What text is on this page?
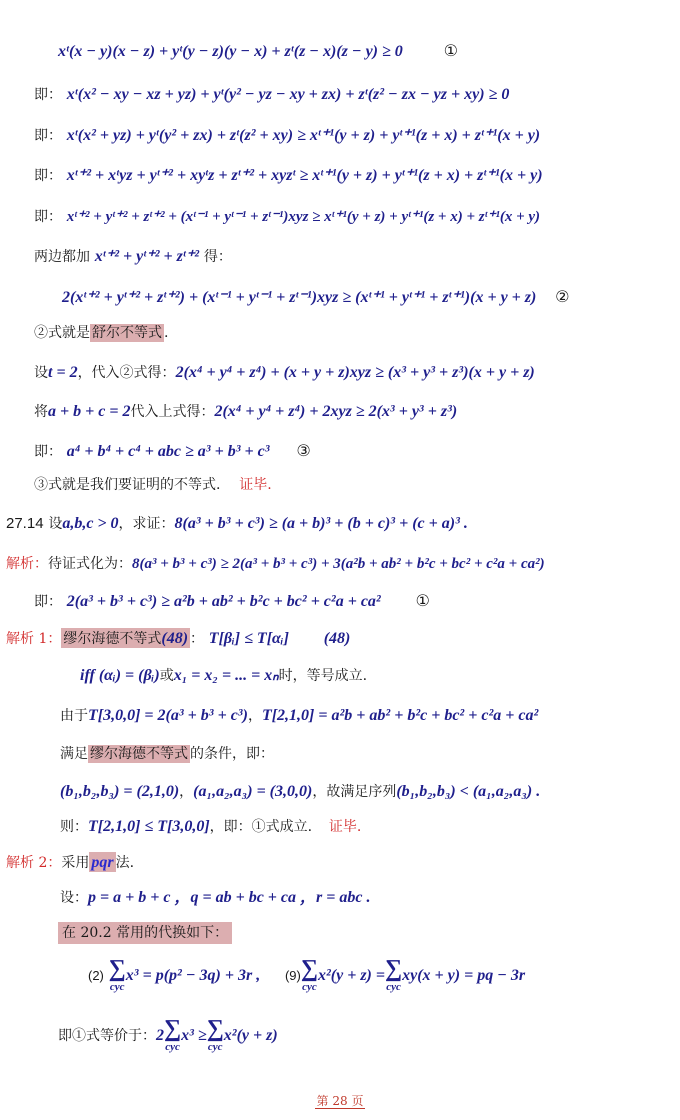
xᵗ(x − y)(x − z) + yᵗ(y − z)(y − x) + zᵗ(z − x)(z − y) ≥ 0	①
即： xᵗ(x² − xy − xz + yz) + yᵗ(y² − yz − xy + zx) + zᵗ(z² − zx − yz + xy) ≥ 0
即： xᵗ(x² + yz) + yᵗ(y² + zx) + zᵗ(z² + xy) ≥ xᵗ⁺¹(y + z) + yᵗ⁺¹(z + x) + zᵗ⁺¹(x + y)
即： xᵗ⁺² + xᵗyz + yᵗ⁺² + xyᵗz + zᵗ⁺² + xyzᵗ ≥ xᵗ⁺¹(y + z) + yᵗ⁺¹(z + x) + zᵗ⁺¹(x + y)
即： xᵗ⁺² + yᵗ⁺² + zᵗ⁺² + (xᵗ⁻¹ + yᵗ⁻¹ + zᵗ⁻¹)xyz ≥ xᵗ⁺¹(y + z) + yᵗ⁺¹(z + x) + zᵗ⁺¹(x + y)
两边都加 xᵗ⁺² + yᵗ⁺² + zᵗ⁺² 得：
2(xᵗ⁺² + yᵗ⁺² + zᵗ⁺²) + (xᵗ⁻¹ + yᵗ⁻¹ + zᵗ⁻¹)xyz ≥ (xᵗ⁺¹ + yᵗ⁺¹ + zᵗ⁺¹)(x + y + z) ②
②式就是 舒尔不等式 .
设t = 2，代入②式得：2(x⁴ + y⁴ + z⁴) + (x + y + z)xyz ≥ (x³ + y³ + z³)(x + y + z)
将a + b + c = 2代入上式得：2(x⁴ + y⁴ + z⁴) + 2xyz ≥ 2(x³ + y³ + z³)
即： a⁴ + b⁴ + c⁴ + abc ≥ a³ + b³ + c³ ③
③式就是我们要证明的不等式. 证毕.
27.14 设a,b,c > 0，求证：8(a³ + b³ + c³) ≥ (a + b)³ + (b + c)³ + (c + a)³ .
解析：待证式化为：8(a³ + b³ + c³) ≥ 2(a³ + b³ + c³) + 3(a²b + ab² + b²c + bc² + c²a + ca²)
即： 2(a³ + b³ + c³) ≥ a²b + ab² + b²c + bc² + c²a + ca² ①
解析 1： 缪尔海德不等式(48) ： T[βᵢ] ≤ T[αᵢ] (48)
iff (αᵢ) = (βᵢ)或x₁ = x₂ = ... = xₙ时，等号成立.
由于T[3,0,0] = 2(a³ + b³ + c³)，T[2,1,0] = a²b + ab² + b²c + bc² + c²a + ca²
满足 缪尔海德不等式 的条件，即：
(b₁,b₂,b₃) = (2,1,0)，(a₁,a₂,a₃) = (3,0,0)，故满足序列(b₁,b₂,b₃) < (a₁,a₂,a₃) .
则：T[2,1,0] ≤ T[3,0,0]，即：①式成立. 证毕.
解析 2：采用 pqr 法.
设：p = a + b + c ，q = ab + bc + ca ，r = abc .
在 20.2 常用的代换如下：
(2) ∑
cyc
x³ = p(p² − 3q) + 3r , (9) ∑
cyc
x²(y + z) = ∑
cyc
xy(x + y) = pq − 3r
即①式等价于：2 ∑
cyc
x³ ≥ ∑
cyc
x²(y + z)
第 28 页
